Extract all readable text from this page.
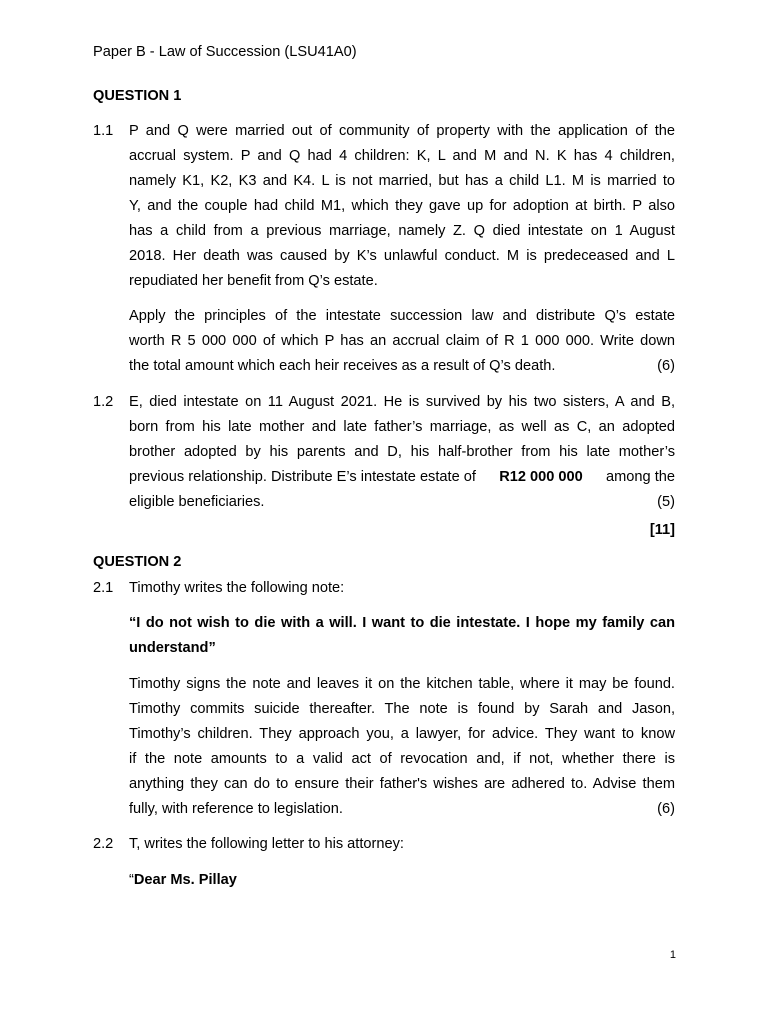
Paper B - Law of Succession (LSU41A0)
QUESTION 1
1.1 P and Q were married out of community of property with the application of the
accrual system. P and Q had 4 children: K, L and M and N. K has 4 children,
namely K1, K2, K3 and K4. L is not married, but has a child L1. M is married to
Y, and the couple had child M1, which they gave up for adoption at birth. P also
has a child from a previous marriage, namely Z. Q died intestate on 1 August
2018. Her death was caused by K’s unlawful conduct. M is predeceased and L
repudiated her benefit from Q’s estate.
Apply the principles of the intestate succession law and distribute Q’s estate
worth R 5 000 000 of which P has an accrual claim of R 1 000 000. Write down
the total amount which each heir receives as a result of Q’s death.	(6)
1.2 E, died intestate on 11 August 2021. He is survived by his two sisters, A and B,
born from his late mother and late father’s marriage, as well as C, an adopted
brother adopted by his parents and D, his half-brother from his late mother’s
previous relationship. Distribute E’s intestate estate of R12 000 000 among the
eligible beneficiaries.	(5)
[11]
QUESTION 2
2.1 Timothy writes the following note:
“I do not wish to die with a will. I want to die intestate. I hope my family can
understand”
Timothy signs the note and leaves it on the kitchen table, where it may be found.
Timothy commits suicide thereafter. The note is found by Sarah and Jason,
Timothy’s children. They approach you, a lawyer, for advice. They want to know
if the note amounts to a valid act of revocation and, if not, whether there is
anything they can do to ensure their father's wishes are adhered to. Advise them
fully, with reference to legislation.	(6)
2.2 T, writes the following letter to his attorney:
“Dear Ms. Pillay
1
